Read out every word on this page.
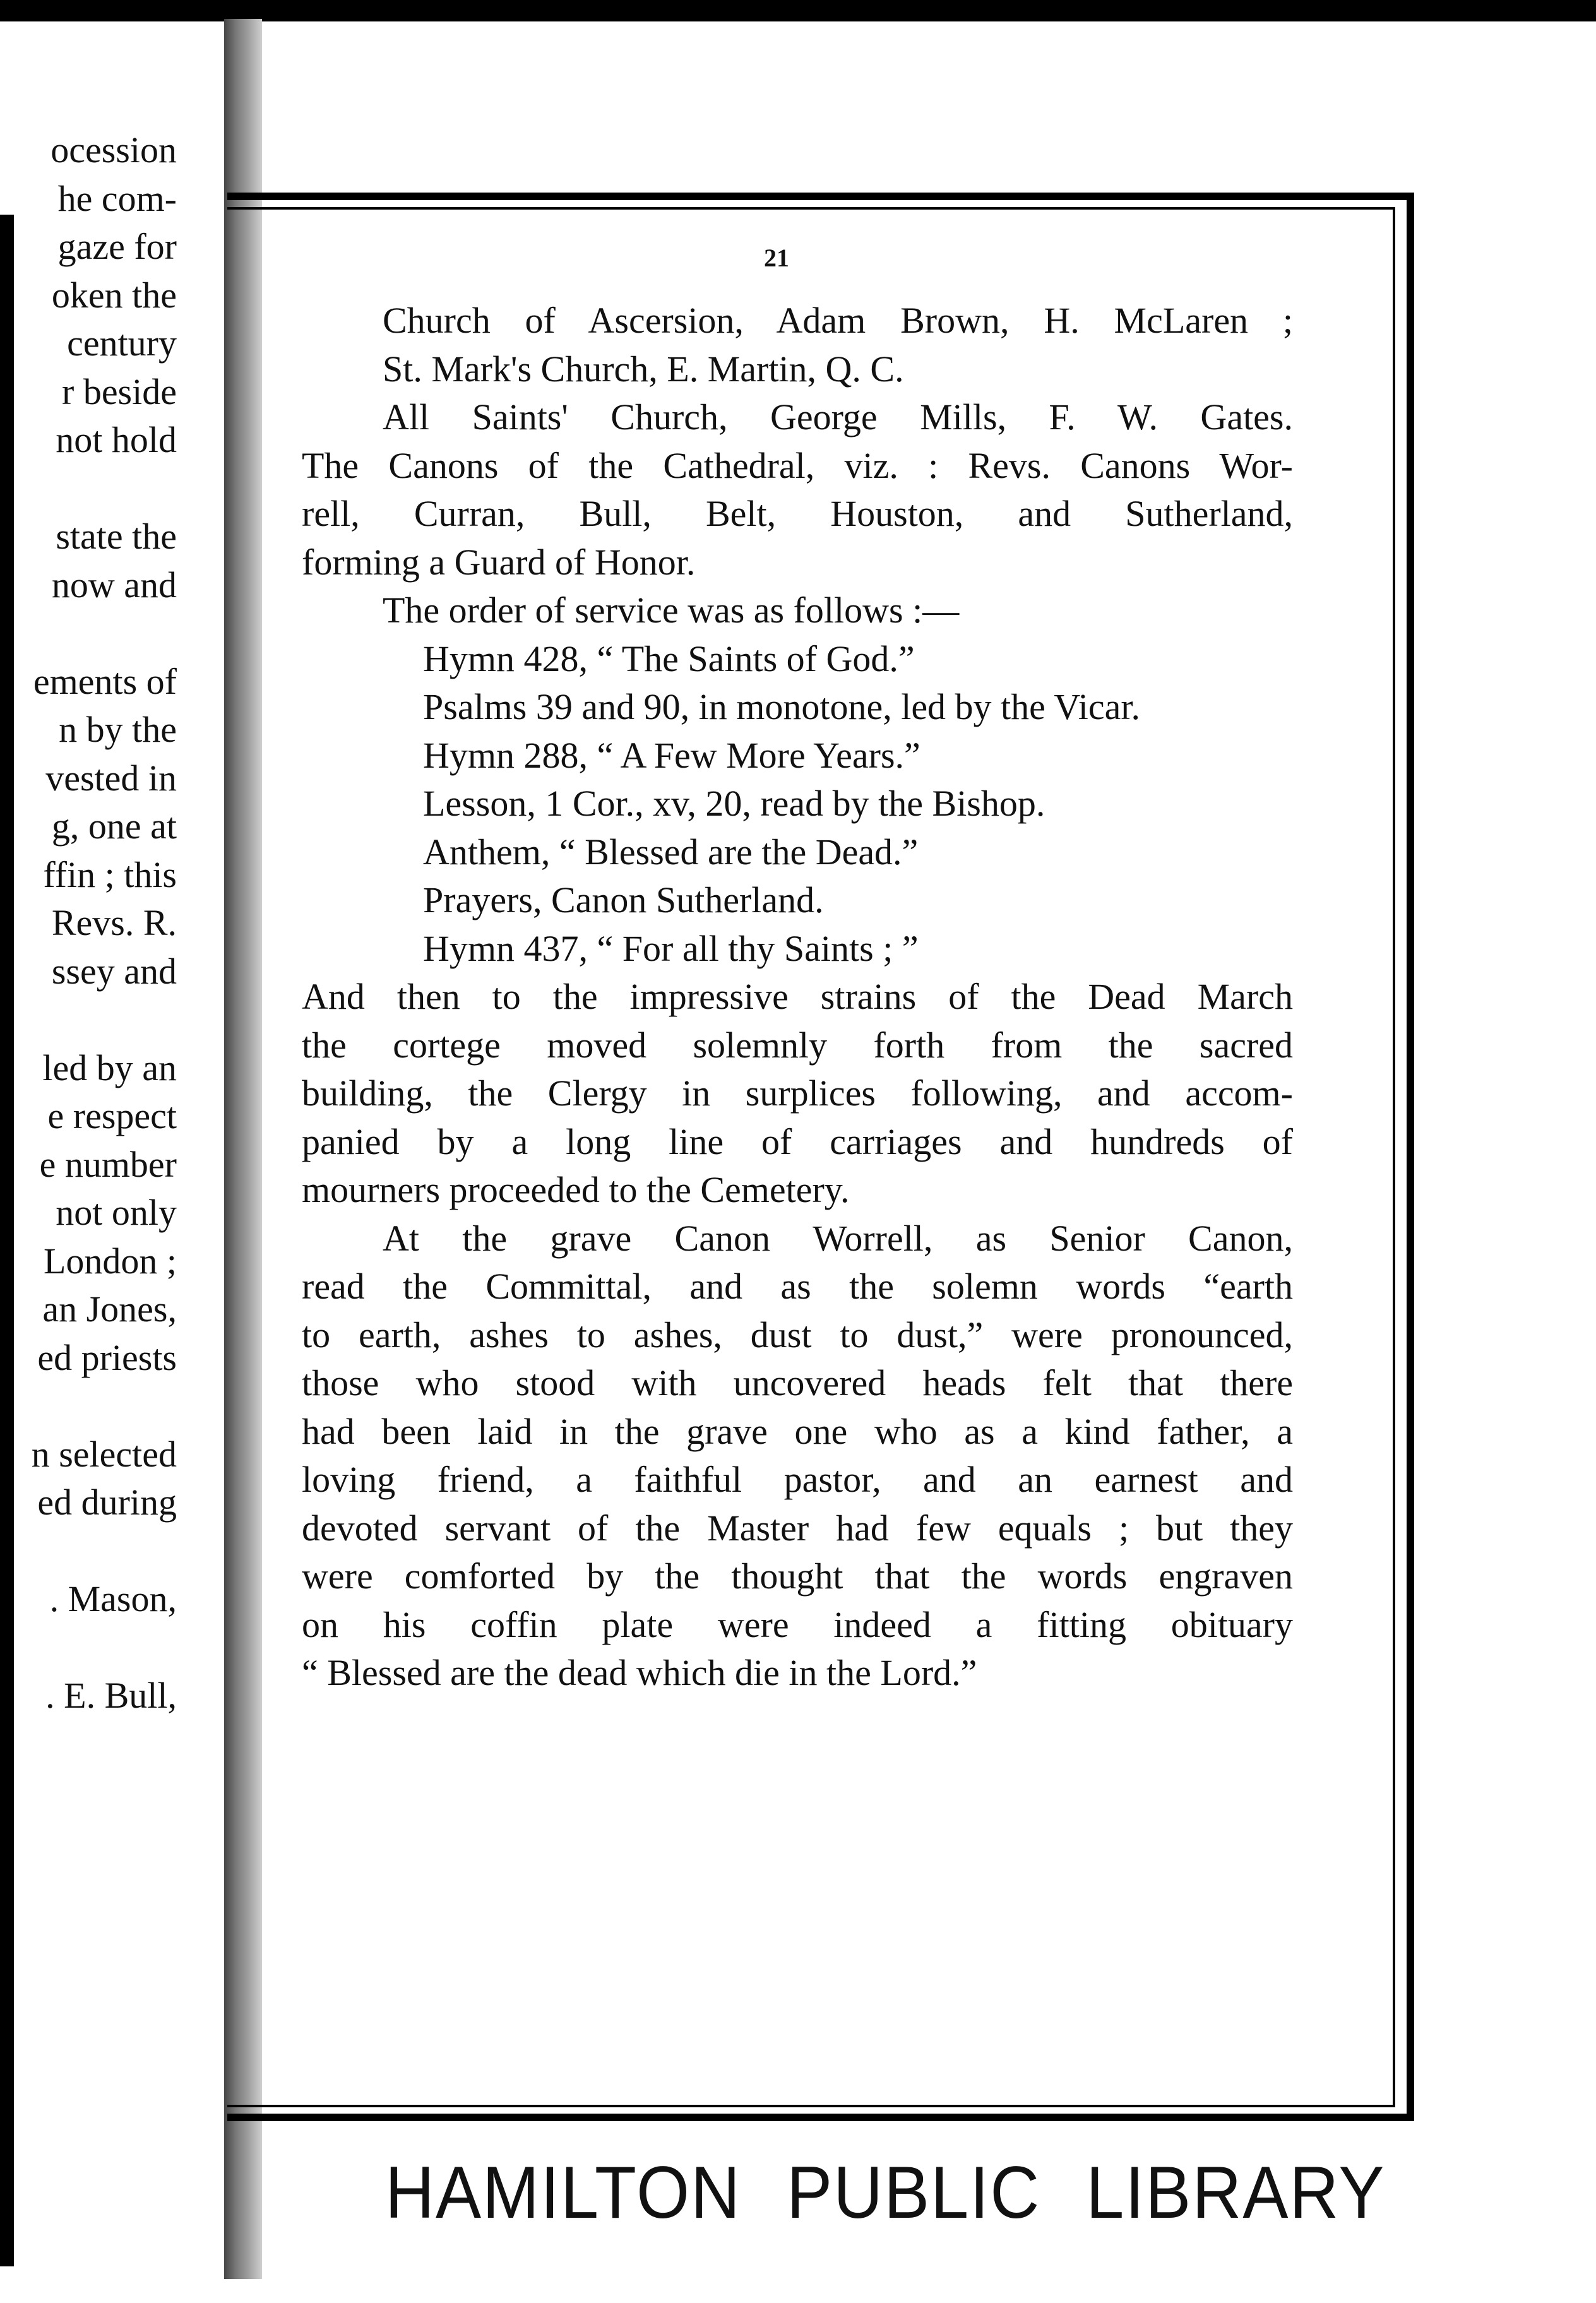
ocession
he com-
gaze for
oken the
century
r beside
not hold
state the
now and
ements of
n by the
vested in
g, one at
ffin ; this
Revs. R.
ssey and
led by an
e respect
e number
not only
London ;
an Jones,
ed priests
n selected
ed during
. Mason,
. E. Bull,
21
Church of Ascersion, Adam Brown, H. McLaren ;
St. Mark's Church, E. Martin, Q. C.
All Saints' Church, George Mills, F. W. Gates.
The Canons of the Cathedral, viz. : Revs. Canons Wor-
rell, Curran, Bull, Belt, Houston, and Sutherland,
forming a Guard of Honor.
The order of service was as follows :—
Hymn 428, “ The Saints of God.”
Psalms 39 and 90, in monotone, led by the Vicar.
Hymn 288, “ A Few More Years.”
Lesson, 1 Cor., xv, 20, read by the Bishop.
Anthem, “ Blessed are the Dead.”
Prayers, Canon Sutherland.
Hymn 437, “ For all thy Saints ; ”
And then to the impressive strains of the Dead March
the cortege moved solemnly forth from the sacred
building, the Clergy in surplices following, and accom-
panied by a long line of carriages and hundreds of
mourners proceeded to the Cemetery.
At the grave Canon Worrell, as Senior Canon,
read the Committal, and as the solemn words “earth
to earth, ashes to ashes, dust to dust,” were pronounced,
those who stood with uncovered heads felt that there
had been laid in the grave one who as a kind father, a
loving friend, a faithful pastor, and an earnest and
devoted servant of the Master had few equals ; but they
were comforted by the thought that the words engraven
on his coffin plate were indeed a fitting obituary
“ Blessed are the dead which die in the Lord.”
HAMILTON PUBLIC LIBRARY
